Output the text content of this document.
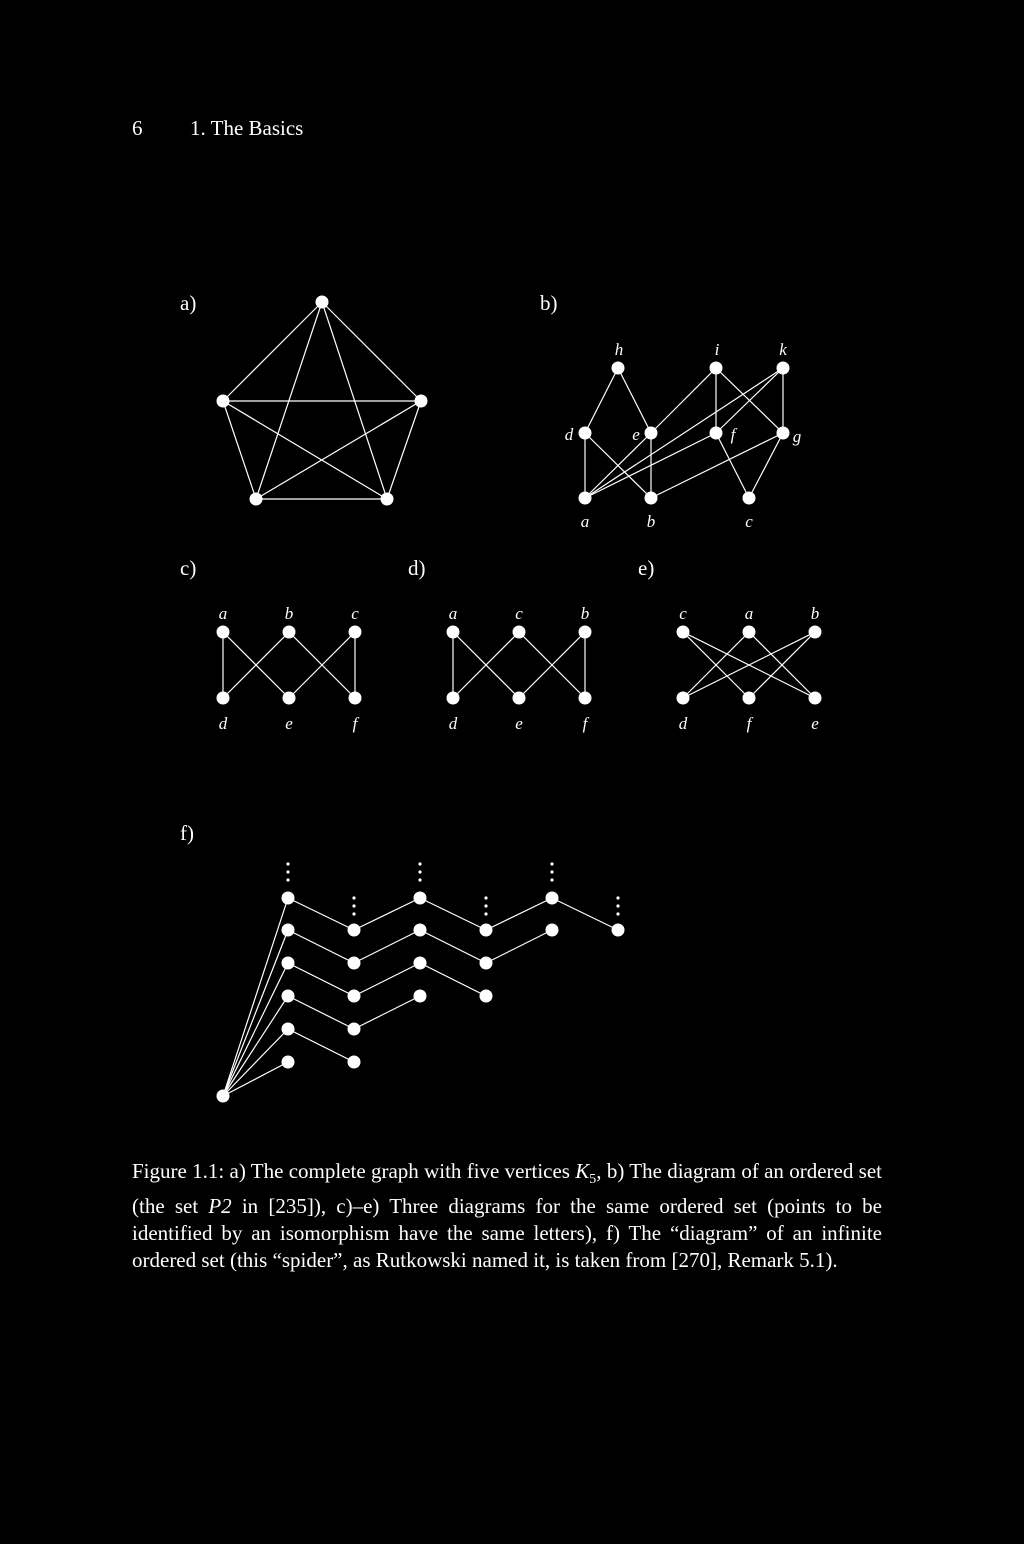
6 1. The Basics
a)	b)
c)	d)	e)
f)
h	i	k
d	e	f	g
a	b	c
a	b	c
d	e	f
a	c	b
d	e	f
c	a	b
d	f	e
Figure 1.1: a) The complete graph with five vertices $K_5$, b) The diagram of an ordered set (the set P2 in [235]), c)–e) Three diagrams for the same ordered set (points to be identified by an isomorphism have the same letters), f) The “diagram” of an infinite ordered set (this “spider”, as Rutkowski named it, is taken from [270], Remark 5.1).
